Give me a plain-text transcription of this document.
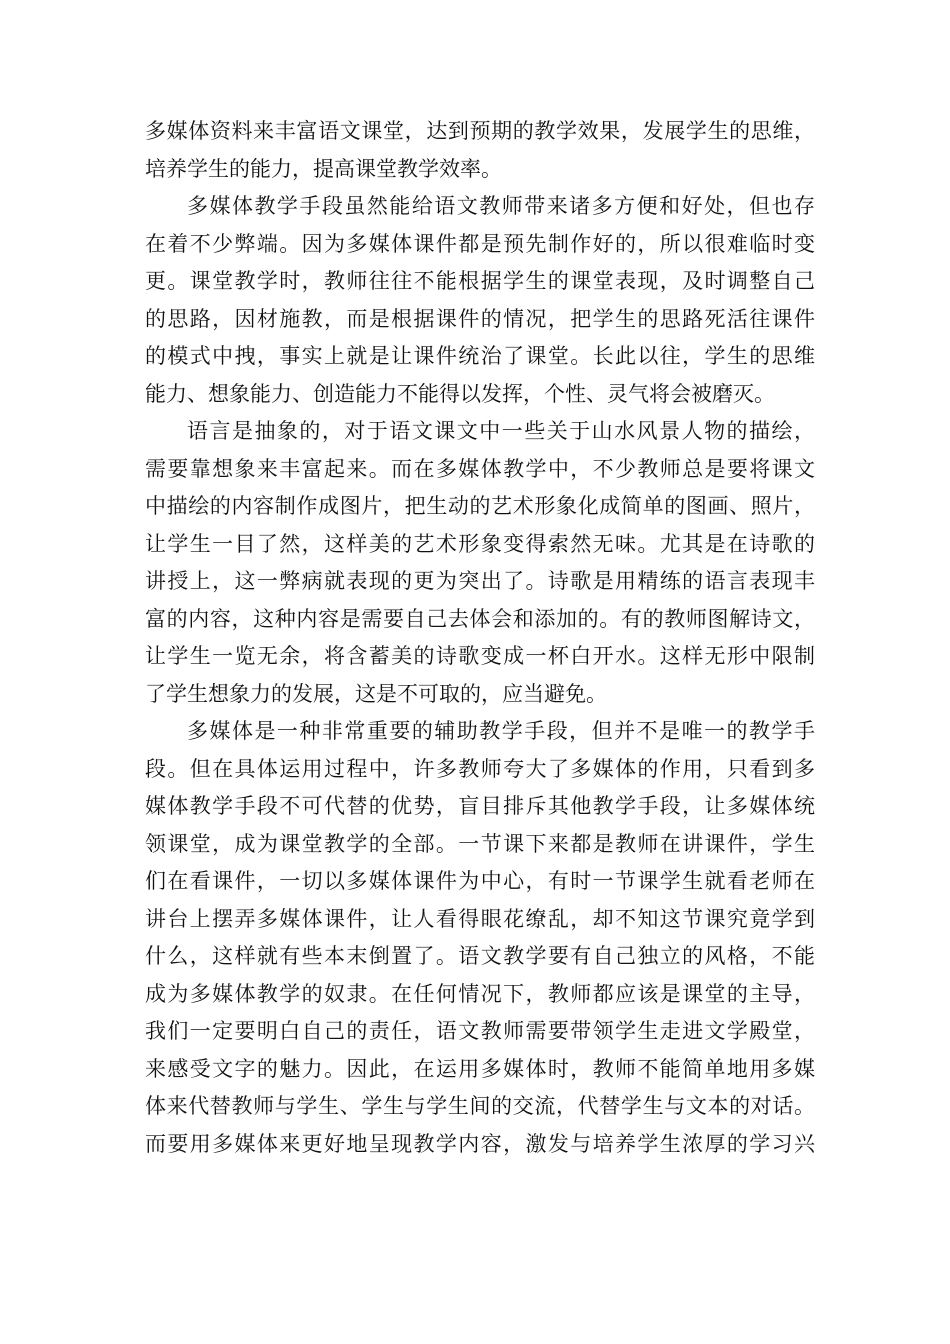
多媒体资料来丰富语文课堂，达到预期的教学效果，发展学生的思维，
培养学生的能力，提高课堂教学效率。
多媒体教学手段虽然能给语文教师带来诸多方便和好处，但也存
在着不少弊端。因为多媒体课件都是预先制作好的，所以很难临时变
更。课堂教学时，教师往往不能根据学生的课堂表现，及时调整自己
的思路，因材施教，而是根据课件的情况，把学生的思路死活往课件
的模式中拽，事实上就是让课件统治了课堂。长此以往，学生的思维
能力、想象能力、创造能力不能得以发挥，个性、灵气将会被磨灭。
语言是抽象的，对于语文课文中一些关于山水风景人物的描绘，
需要靠想象来丰富起来。而在多媒体教学中，不少教师总是要将课文
中描绘的内容制作成图片，把生动的艺术形象化成简单的图画、照片，
让学生一目了然，这样美的艺术形象变得索然无味。尤其是在诗歌的
讲授上，这一弊病就表现的更为突出了。诗歌是用精练的语言表现丰
富的内容，这种内容是需要自己去体会和添加的。有的教师图解诗文，
让学生一览无余，将含蓄美的诗歌变成一杯白开水。这样无形中限制
了学生想象力的发展，这是不可取的，应当避免。
多媒体是一种非常重要的辅助教学手段，但并不是唯一的教学手
段。但在具体运用过程中，许多教师夸大了多媒体的作用，只看到多
媒体教学手段不可代替的优势，盲目排斥其他教学手段，让多媒体统
领课堂，成为课堂教学的全部。一节课下来都是教师在讲课件，学生
们在看课件，一切以多媒体课件为中心，有时一节课学生就看老师在
讲台上摆弄多媒体课件，让人看得眼花缭乱，却不知这节课究竟学到
什么，这样就有些本末倒置了。语文教学要有自己独立的风格，不能
成为多媒体教学的奴隶。在任何情况下，教师都应该是课堂的主导，
我们一定要明白自己的责任，语文教师需要带领学生走进文学殿堂，
来感受文字的魅力。因此，在运用多媒体时，教师不能简单地用多媒
体来代替教师与学生、学生与学生间的交流，代替学生与文本的对话。
而要用多媒体来更好地呈现教学内容，激发与培养学生浓厚的学习兴
